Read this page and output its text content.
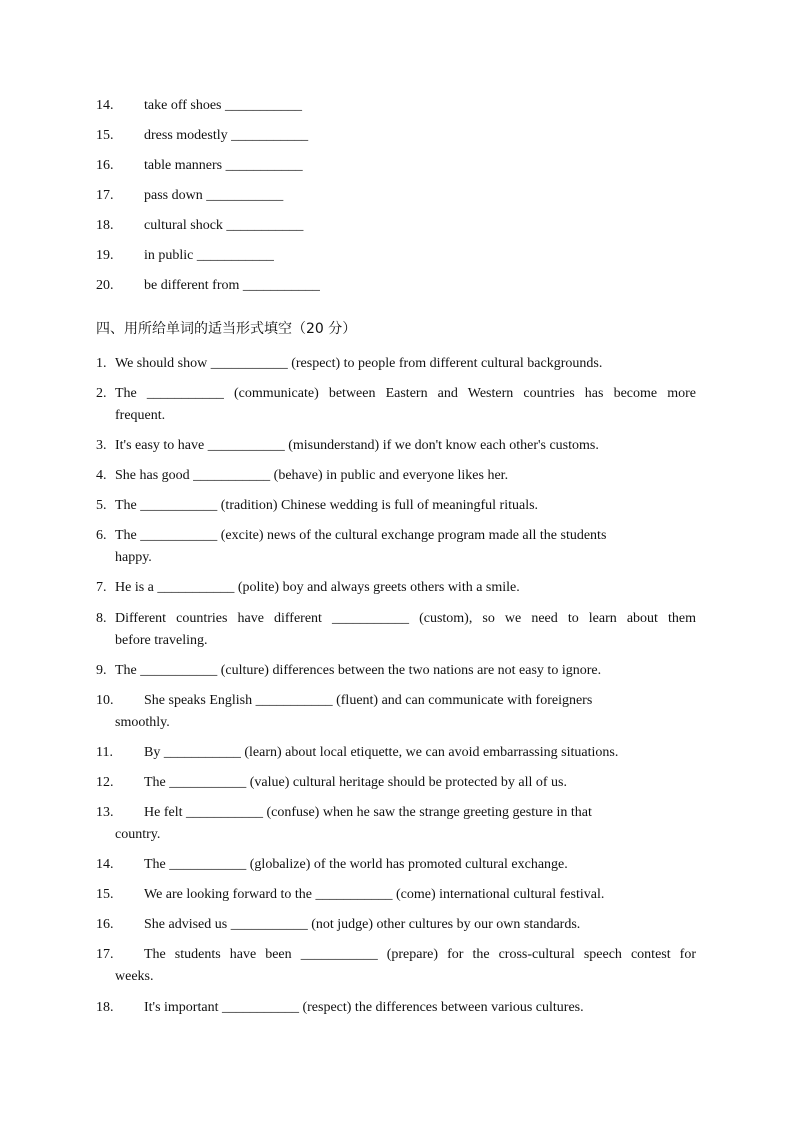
14. take off shoes ___________
15. dress modestly ___________
16. table manners ___________
17. pass down ___________
18. cultural shock ___________
19. in public ___________
20. be different from ___________
四、用所给单词的适当形式填空（20 分）
1. We should show ___________ (respect) to people from different cultural backgrounds.
2. The ___________ (communicate) between Eastern and Western countries has become more
frequent.
3. It's easy to have ___________ (misunderstand) if we don't know each other's customs.
4. She has good ___________ (behave) in public and everyone likes her.
5. The ___________ (tradition) Chinese wedding is full of meaningful rituals.
6. The ___________ (excite) news of the cultural exchange program made all the students
happy.
7. He is a ___________ (polite) boy and always greets others with a smile.
8. Different countries have different ___________ (custom), so we need to learn about them
before traveling.
9. The ___________ (culture) differences between the two nations are not easy to ignore.
10. She speaks English ___________ (fluent) and can communicate with foreigners
smoothly.
11. By ___________ (learn) about local etiquette, we can avoid embarrassing situations.
12. The ___________ (value) cultural heritage should be protected by all of us.
13. He felt ___________ (confuse) when he saw the strange greeting gesture in that
country.
14. The ___________ (globalize) of the world has promoted cultural exchange.
15. We are looking forward to the ___________ (come) international cultural festival.
16. She advised us ___________ (not judge) other cultures by our own standards.
17. The students have been ___________ (prepare) for the cross-cultural speech contest for
weeks.
18. It's important ___________ (respect) the differences between various cultures.
